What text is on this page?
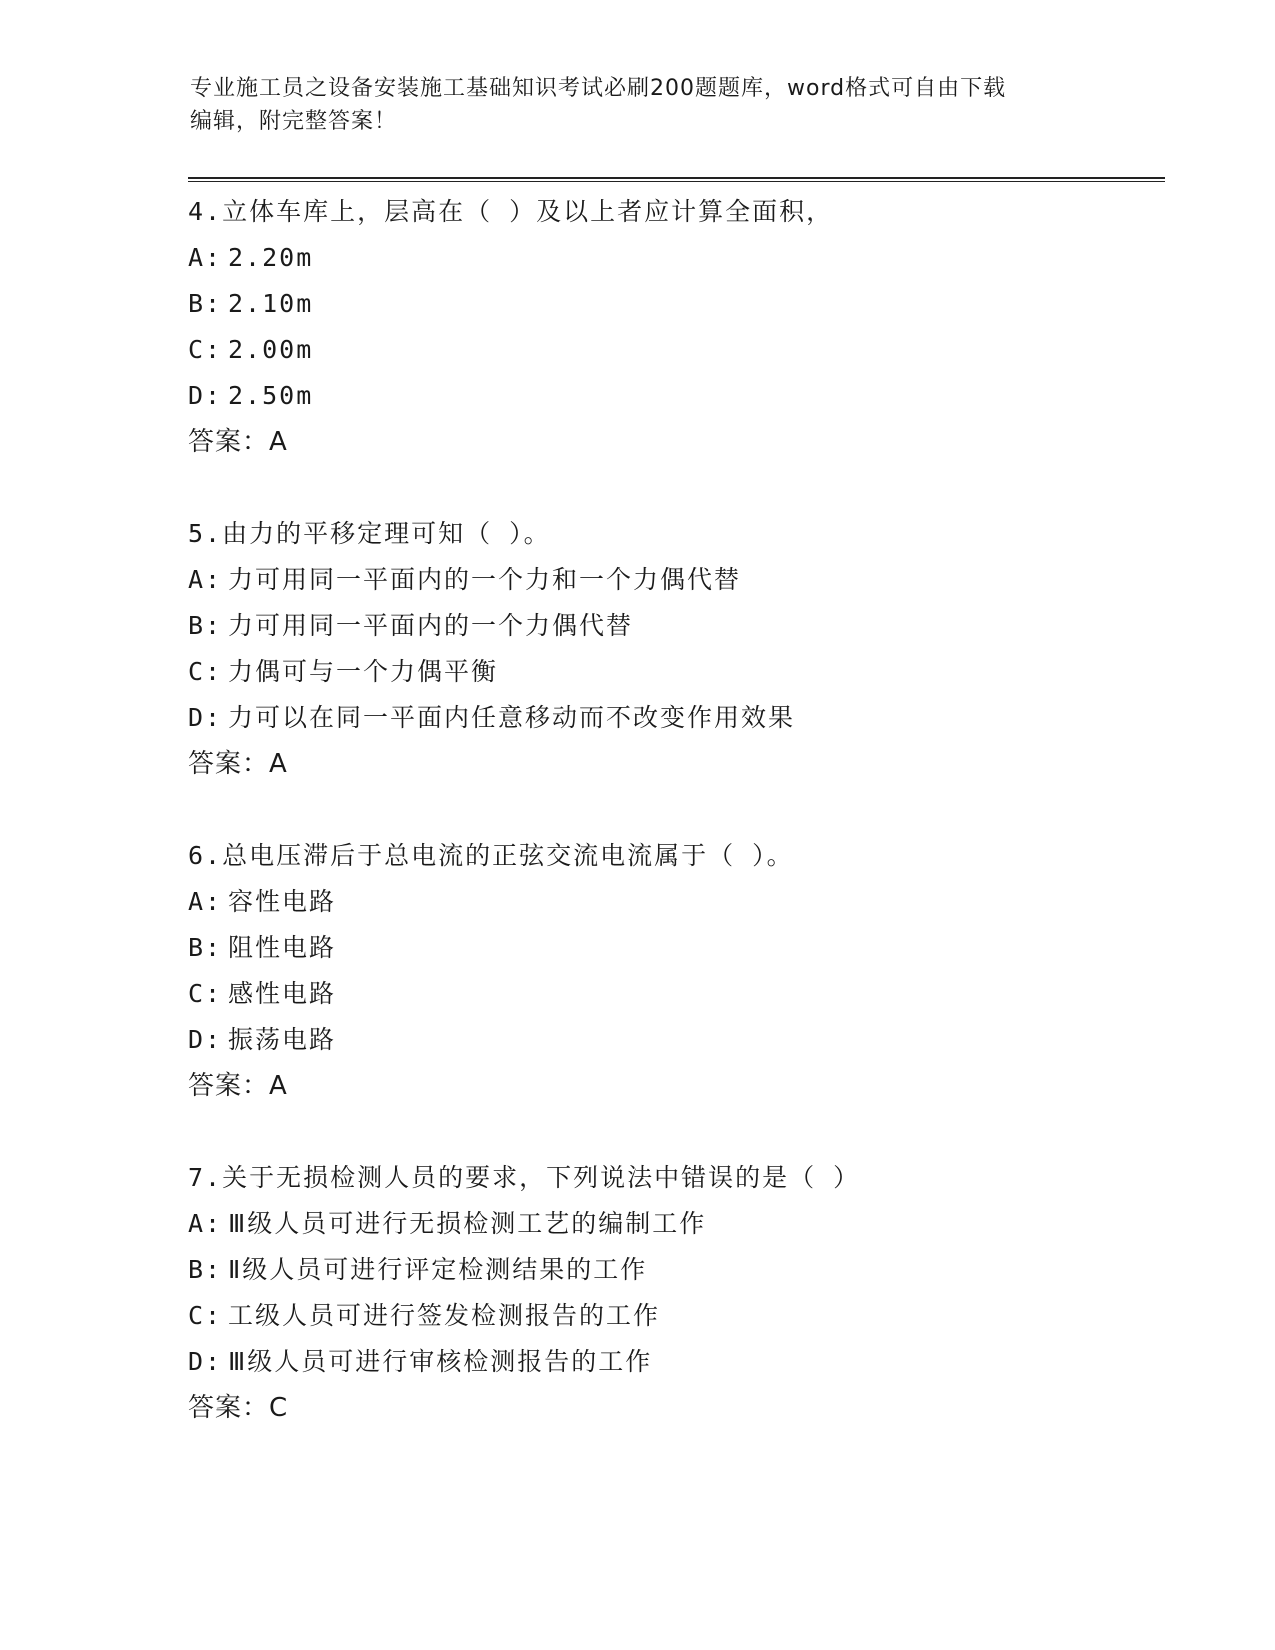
专业施工员之设备安装施工基础知识考试必刷200题题库，word格式可自由下载
编辑，附完整答案！
4.立体车库上，层高在（ ）及以上者应计算全面积，
A: 2.20m
B: 2.10m
C: 2.00m
D: 2.50m
答案：A
5.由力的平移定理可知（ ）。
A: 力可用同一平面内的一个力和一个力偶代替
B: 力可用同一平面内的一个力偶代替
C: 力偶可与一个力偶平衡
D: 力可以在同一平面内任意移动而不改变作用效果
答案：A
6.总电压滞后于总电流的正弦交流电流属于（ ）。
A: 容性电路
B: 阻性电路
C: 感性电路
D: 振荡电路
答案：A
7.关于无损检测人员的要求，下列说法中错误的是（ ）
A: Ⅲ级人员可进行无损检测工艺的编制工作
B: Ⅱ级人员可进行评定检测结果的工作
C: 工级人员可进行签发检测报告的工作
D: Ⅲ级人员可进行审核检测报告的工作
答案：C
